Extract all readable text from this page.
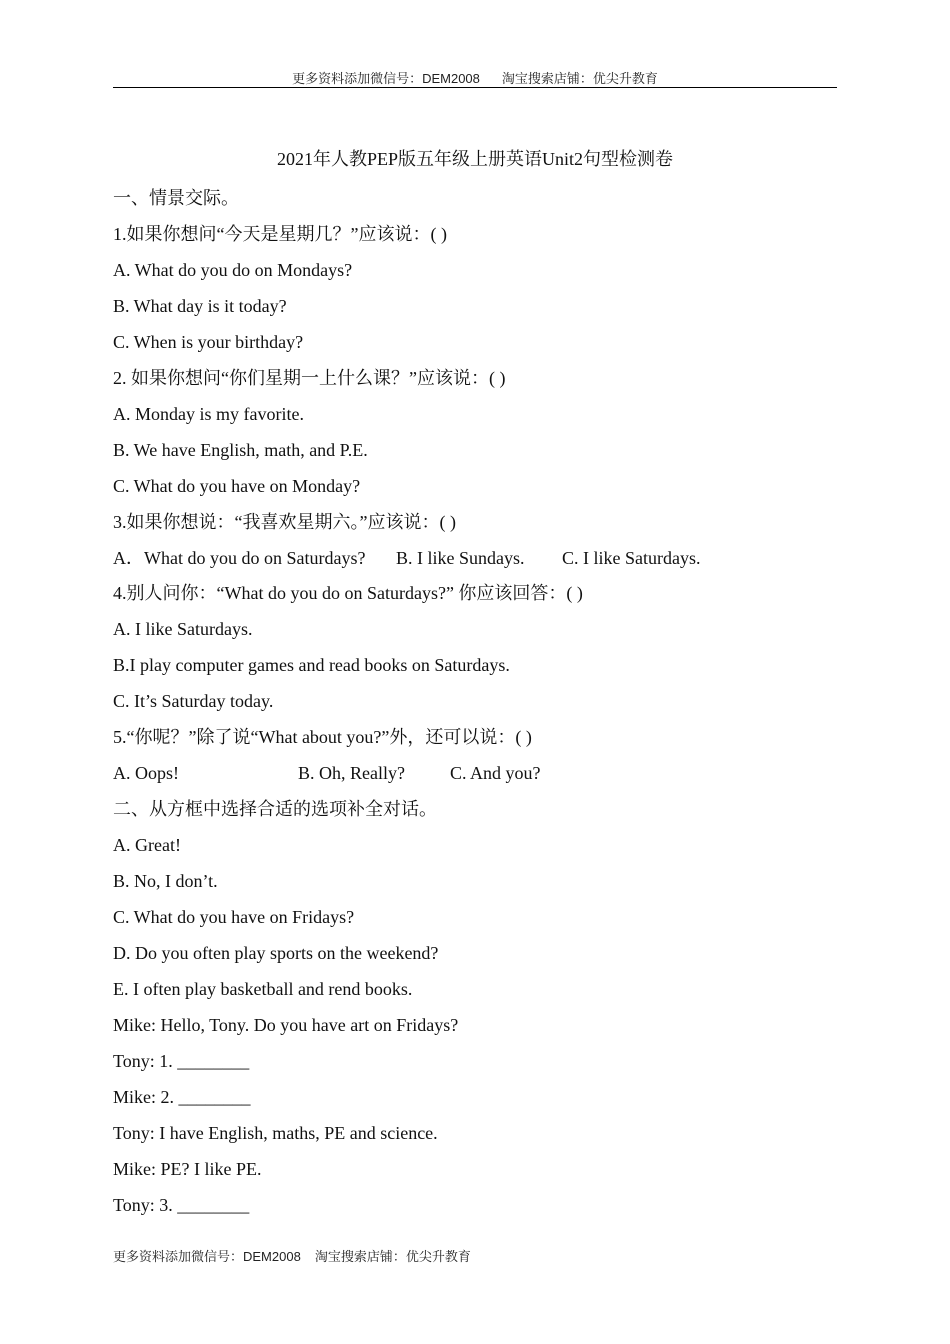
更多资料添加微信号：DEM2008 淘宝搜索店铺：优尖升教育
2021年人教PEP版五年级上册英语Unit2句型检测卷
一、情景交际。
1.如果你想问“今天是星期几？”应该说：( )
A. What do you do on Mondays?
B. What day is it today?
C. When is your birthday?
2. 如果你想问“你们星期一上什么课？”应该说：( )
A. Monday is my favorite.
B. We have English, math, and P.E.
C. What do you have on Monday?
3.如果你想说：“我喜欢星期六。”应该说：( )
A．What do you do on Saturdays? B. I like Sundays. C. I like Saturdays.
4.别人问你：“What do you do on Saturdays?” 你应该回答：( )
A. I like Saturdays.
B.I play computer games and read books on Saturdays.
C. It’s Saturday today.
5.“你呢？”除了说“What about you?”外，还可以说：( )
A. Oops!	B. Oh, Really?	C. And you?
二、从方框中选择合适的选项补全对话。
A. Great!
B. No, I don’t.
C. What do you have on Fridays?
D. Do you often play sports on the weekend?
E. I often play basketball and rend books.
Mike: Hello, Tony. Do you have art on Fridays?
Tony: 1. ________
Mike: 2. ________
Tony: I have English, maths, PE and science.
Mike: PE? I like PE.
Tony: 3. ________
更多资料添加微信号：DEM2008 淘宝搜索店铺：优尖升教育
